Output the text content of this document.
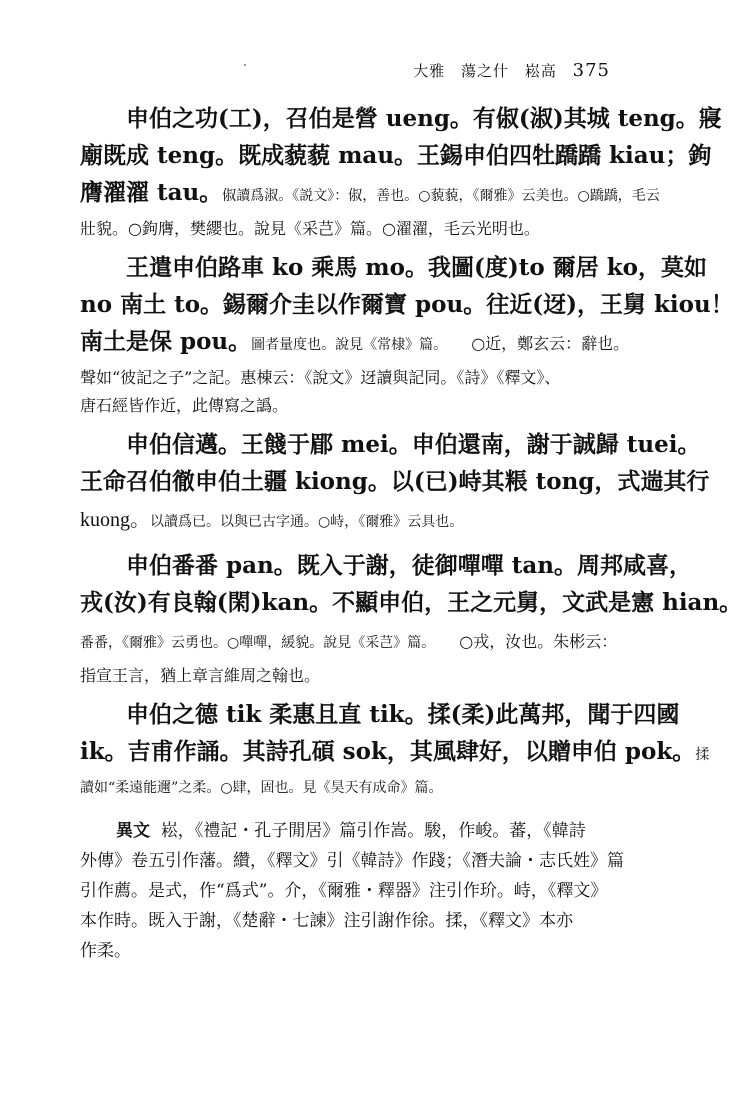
大雅 蕩之什 崧高 375
申伯之功(工)，召伯是營 ueng。有俶(淑)其城 teng。寢
廟既成 teng。既成藐藐 mau。王錫申伯四牡蹻蹻 kiau；鉤
膺濯濯 tau。俶讀爲淑。《説文》：俶，善也。○藐藐，《爾雅》云美也。○蹻蹻，毛云
壯貌。○鉤膺，樊纓也。說見《采芑》篇。○濯濯，毛云光明也。
王遣申伯路車 ko 乘馬 mo。我圖(度)to 爾居 ko，莫如
no 南土 to。錫爾介圭以作爾寶 pou。往近(迓)，王舅 kiou！
南土是保 pou。圖者量度也。說見《常棣》篇。 ○近，鄭玄云：辭也。
聲如“彼記之子”之記。惠棟云：《說文》迓讀與記同。《詩》《釋文》、
唐石經皆作近，此傳寫之譌。
申伯信邁。王餞于郿 mei。申伯還南，謝于誠歸 tuei。
王命召伯徹申伯土疆 kiong。以(已)峙其粻 tong，式遄其行
kuong。以讀爲已。以與已古字通。○峙，《爾雅》云具也。
申伯番番 pan。既入于謝，徒御嘽嘽 tan。周邦咸喜，
戎(汝)有良翰(閑)kan。不顯申伯，王之元舅，文武是憲 hian。
番番，《爾雅》云勇也。○嘽嘽，緩貌。說見《采芑》篇。 ○戎，汝也。朱彬云：
指宣王言，猶上章言維周之翰也。
申伯之德 tik 柔惠且直 tik。揉(柔)此萬邦，聞于四國
ik。吉甫作誦。其詩孔碩 sok，其風肆好，以贈申伯 pok。揉
讀如“柔遠能邇”之柔。○肆，固也。見《昊天有成命》篇。
異文 崧，《禮記・孔子閒居》篇引作嵩。駿，作峻。蕃，《韓詩
外傳》卷五引作藩。纘，《釋文》引《韓詩》作踐；《潛夫論・志氏姓》篇
引作薦。是式，作“爲式”。介，《爾雅・釋器》注引作玠。峙，《釋文》
本作時。既入于謝，《楚辭・七諫》注引謝作徐。揉，《釋文》本亦
作柔。
